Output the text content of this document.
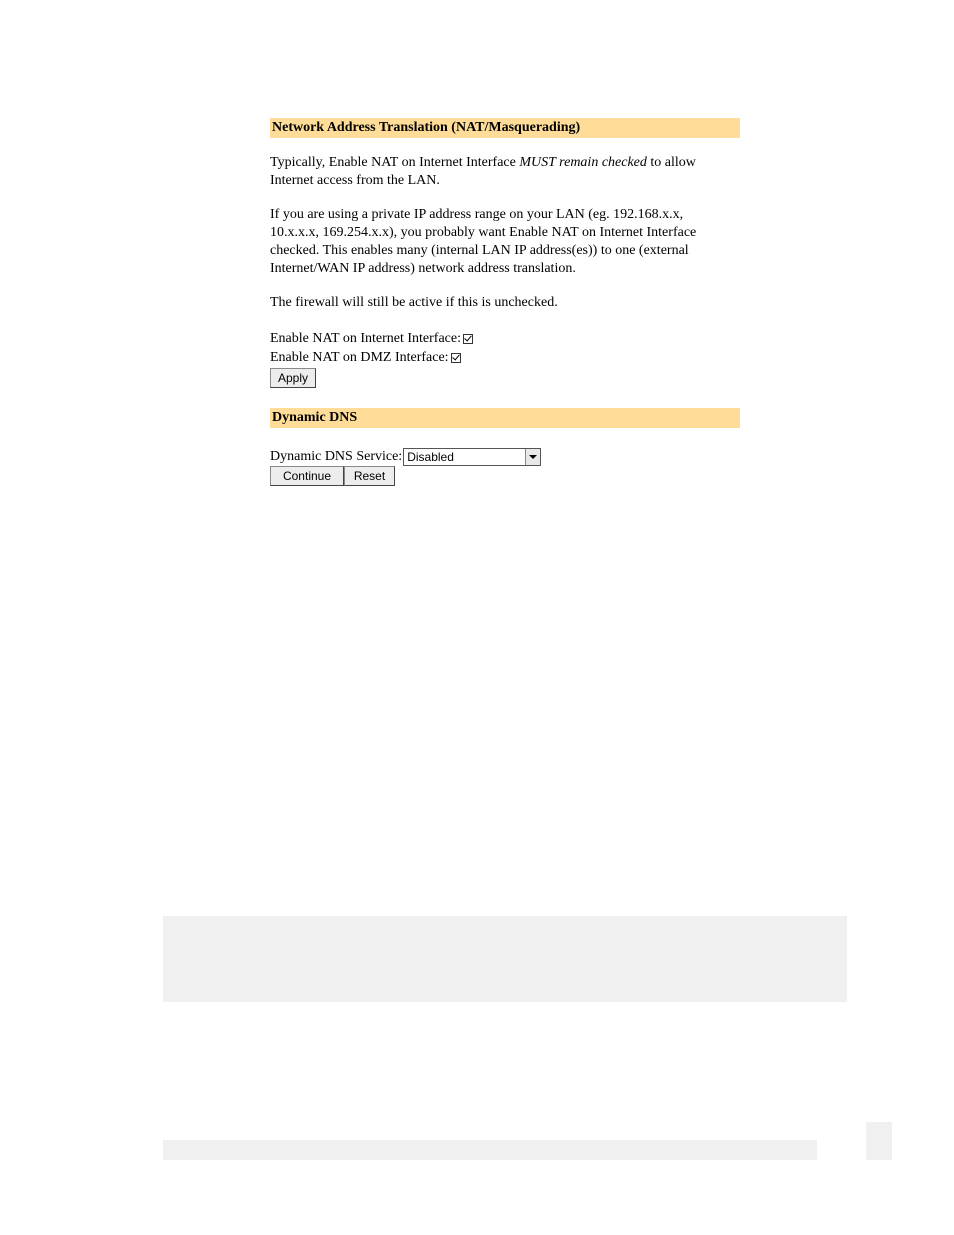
Network Address Translation (NAT/Masquerading)

Typically, Enable NAT on Internet Interface MUST remain checked to allow Internet access from the LAN.

If you are using a private IP address range on your LAN (eg. 192.168.x.x, 10.x.x.x, 169.254.x.x), you probably want Enable NAT on Internet Interface checked. This enables many (internal LAN IP address(es)) to one (external Internet/WAN IP address) network address translation.

The firewall will still be active if this is unchecked.

Enable NAT on Internet Interface:
Enable NAT on DMZ Interface:
Apply
Dynamic DNS
Dynamic DNS Service: Disabled
Continue	Reset
